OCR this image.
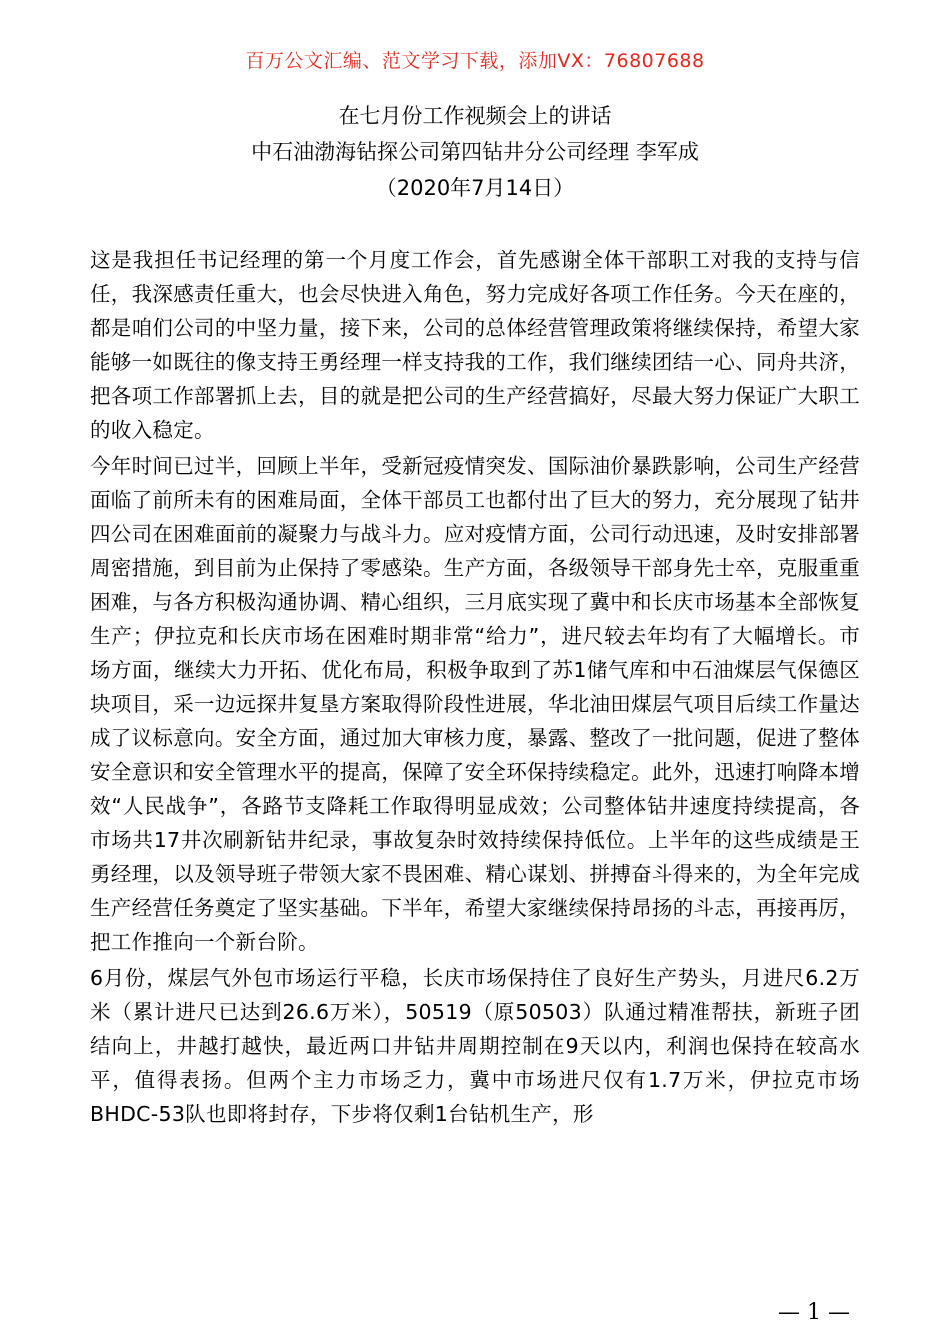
百万公文汇编、范文学习下载，添加VX：76807688
在七月份工作视频会上的讲话
中石油渤海钻探公司第四钻井分公司经理 李军成
（2020年7月14日）

这是我担任书记经理的第一个月度工作会，首先感谢全体干部职工对我的支持与信任，我深感责任重大，也会尽快进入角色，努力完成好各项工作任务。今天在座的，都是咱们公司的中坚力量，接下来，公司的总体经营管理政策将继续保持，希望大家能够一如既往的像支持王勇经理一样支持我的工作，我们继续团结一心、同舟共济，把各项工作部署抓上去，目的就是把公司的生产经营搞好，尽最大努力保证广大职工的收入稳定。

今年时间已过半，回顾上半年，受新冠疫情突发、国际油价暴跌影响，公司生产经营面临了前所未有的困难局面，全体干部员工也都付出了巨大的努力，充分展现了钻井四公司在困难面前的凝聚力与战斗力。应对疫情方面，公司行动迅速，及时安排部署周密措施，到目前为止保持了零感染。生产方面，各级领导干部身先士卒，克服重重困难，与各方积极沟通协调、精心组织，三月底实现了冀中和长庆市场基本全部恢复生产；伊拉克和长庆市场在困难时期非常“给力”，进尺较去年均有了大幅增长。市场方面，继续大力开拓、优化布局，积极争取到了苏1储气库和中石油煤层气保德区块项目，采一边远探井复垦方案取得阶段性进展，华北油田煤层气项目后续工作量达成了议标意向。安全方面，通过加大审核力度，暴露、整改了一批问题，促进了整体安全意识和安全管理水平的提高，保障了安全环保持续稳定。此外，迅速打响降本增效“人民战争”，各路节支降耗工作取得明显成效；公司整体钻井速度持续提高，各市场共17井次刷新钻井纪录，事故复杂时效持续保持低位。上半年的这些成绩是王勇经理，以及领导班子带领大家不畏困难、精心谋划、拼搏奋斗得来的，为全年完成生产经营任务奠定了坚实基础。下半年，希望大家继续保持昂扬的斗志，再接再厉，把工作推向一个新台阶。

6月份，煤层气外包市场运行平稳，长庆市场保持住了良好生产势头，月进尺6.2万米（累计进尺已达到26.6万米），50519（原50503）队通过精准帮扶，新班子团结向上，井越打越快，最近两口井钻井周期控制在9天以内，利润也保持在较高水平，值得表扬。但两个主力市场乏力，冀中市场进尺仅有1.7万米，伊拉克市场BHDC-53队也即将封存，下步将仅剩1台钻机生产，形

— 1 —
